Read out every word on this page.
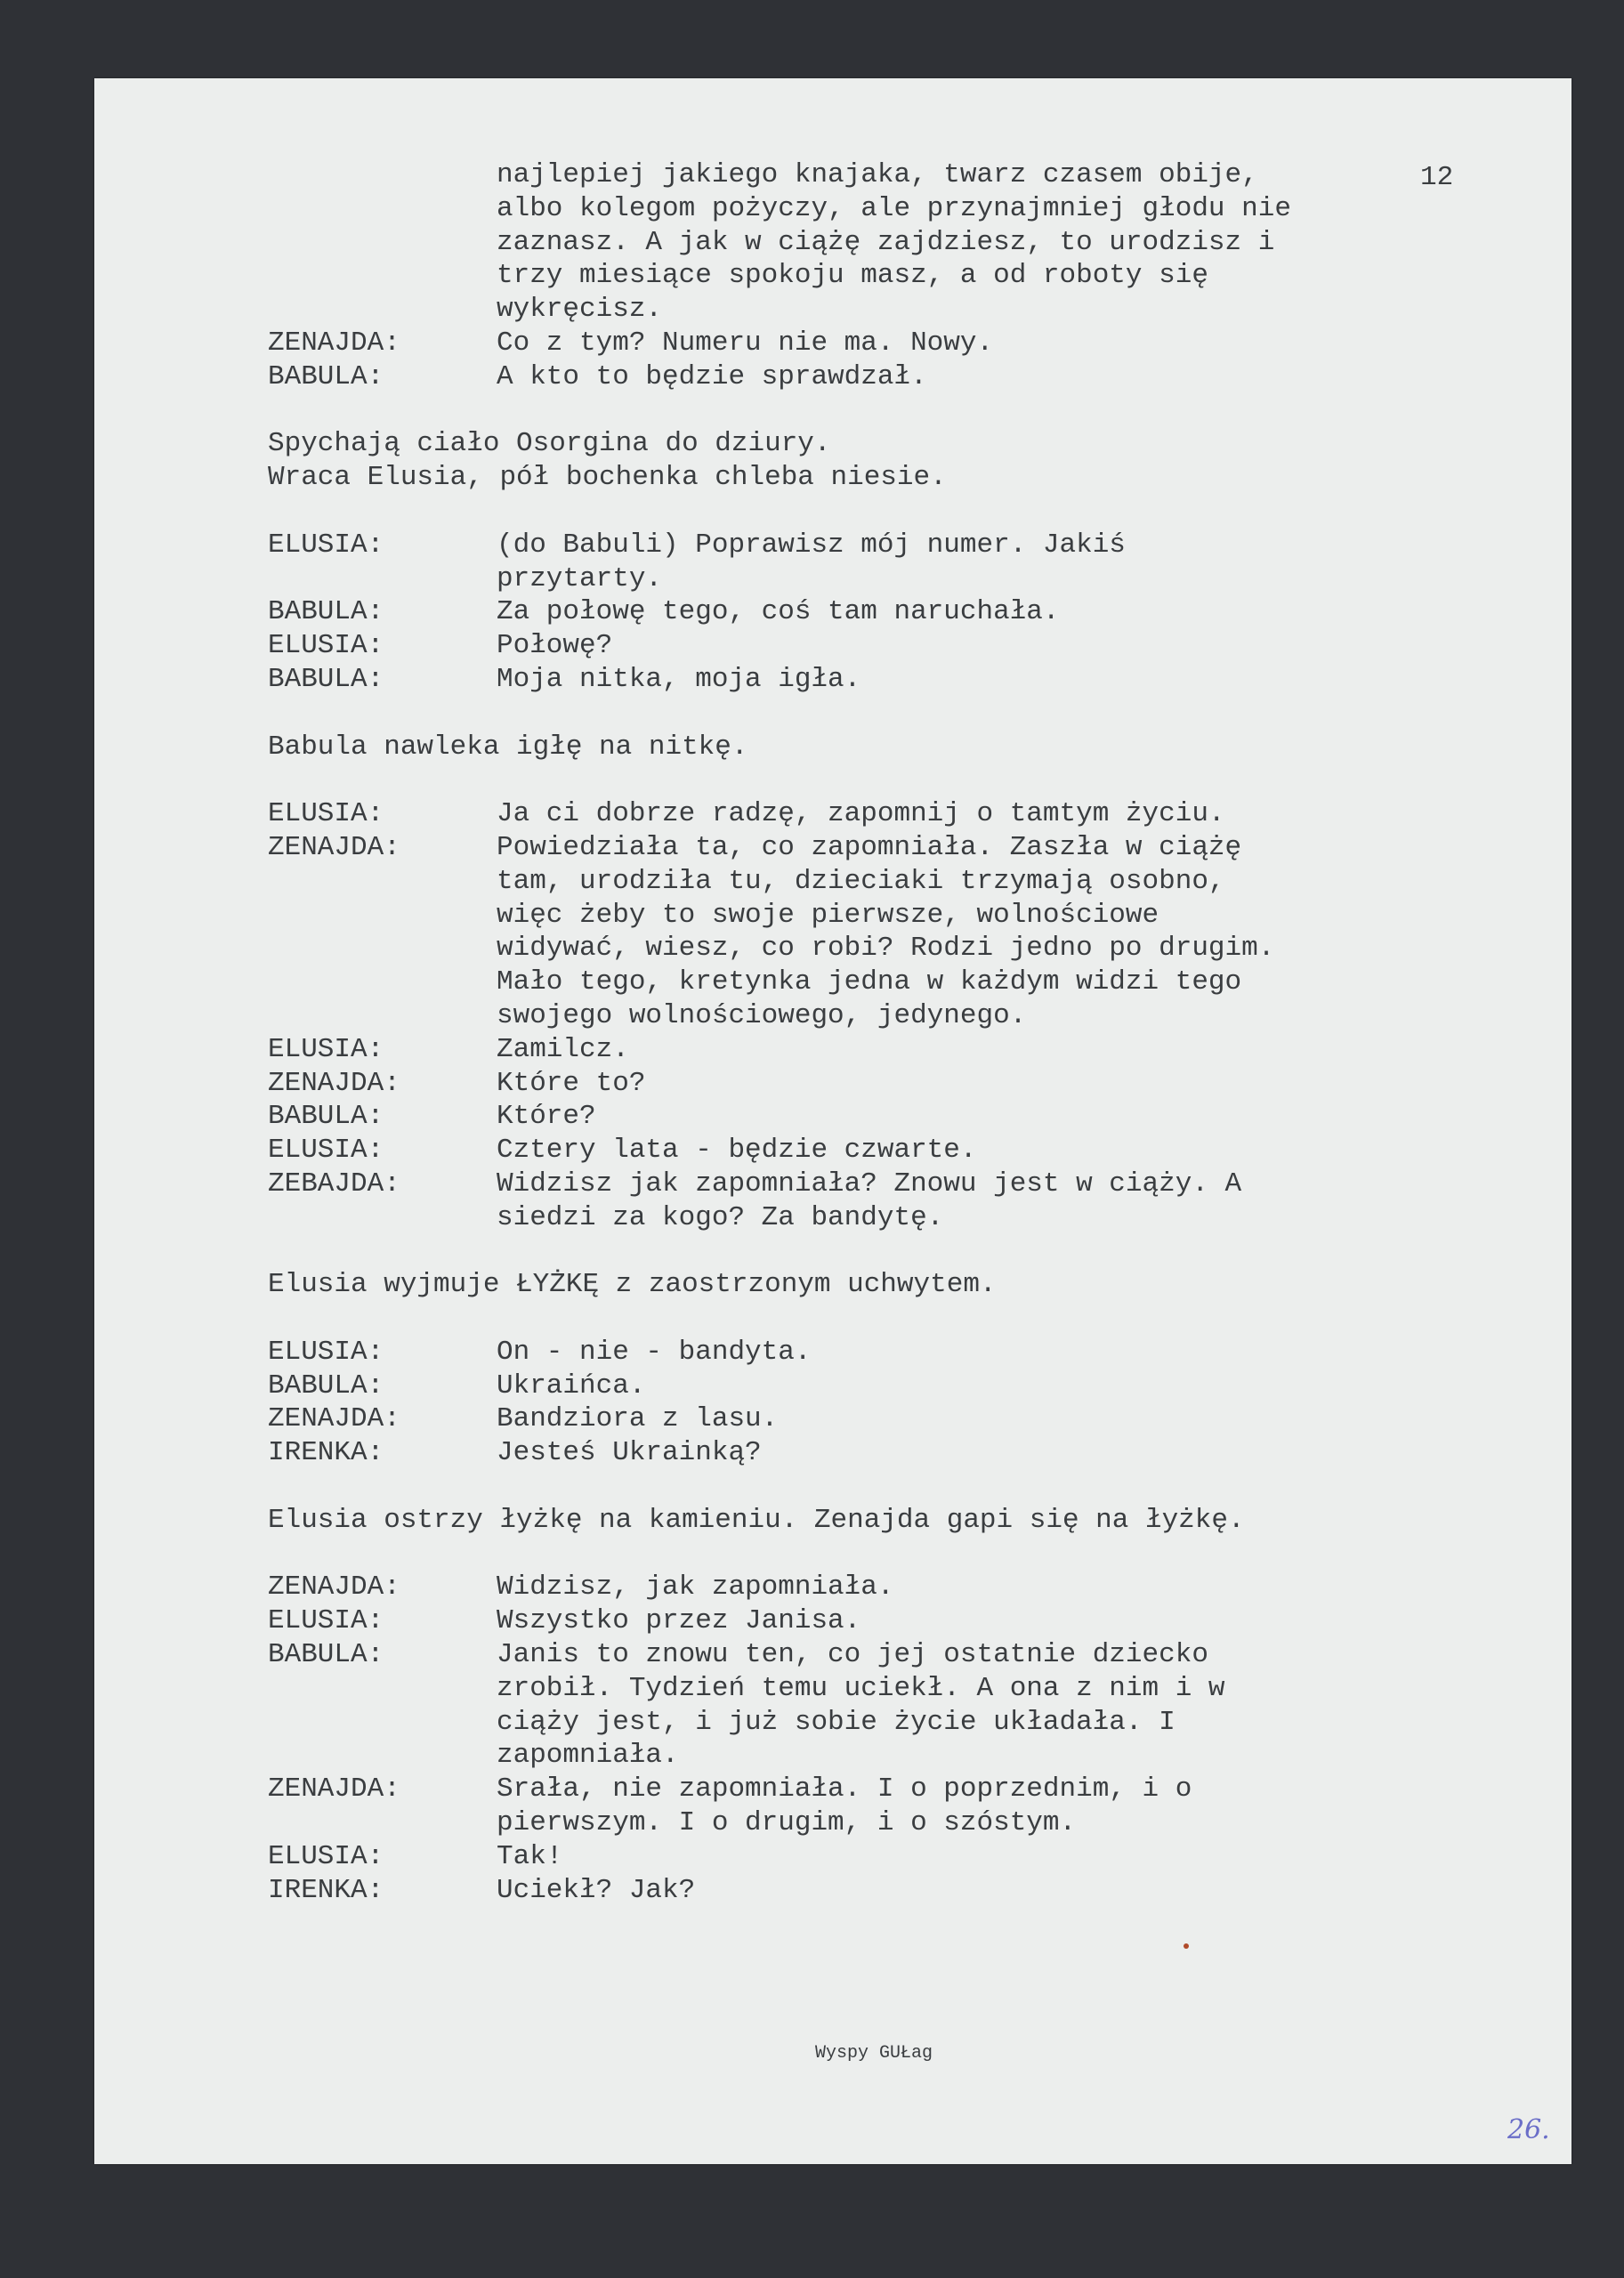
12
najlepiej jakiego knajaka, twarz czasem obije,
albo kolegom pożyczy, ale przynajmniej głodu nie
zaznasz. A jak w ciążę zajdziesz, to urodzisz i
trzy miesiące spokoju masz, a od roboty się
wykręcisz.
ZENAJDA:	Co z tym? Numeru nie ma. Nowy.
BABULA:	A kto to będzie sprawdzał.
Spychają ciało Osorgina do dziury.
Wraca Elusia, pół bochenka chleba niesie.
ELUSIA:	(do Babuli) Poprawisz mój numer. Jakiś
przytarty.
BABULA:	Za połowę tego, coś tam naruchała.
ELUSIA:	Połowę?
BABULA:	Moja nitka, moja igła.
Babula nawleka igłę na nitkę.
ELUSIA:	Ja ci dobrze radzę, zapomnij o tamtym życiu.
ZENAJDA:	Powiedziała ta, co zapomniała. Zaszła w ciążę
tam, urodziła tu, dzieciaki trzymają osobno,
więc żeby to swoje pierwsze, wolnościowe
widywać, wiesz, co robi? Rodzi jedno po drugim.
Mało tego, kretynka jedna w każdym widzi tego
swojego wolnościowego, jedynego.
ELUSIA:	Zamilcz.
ZENAJDA:	Które to?
BABULA:	Które?
ELUSIA:	Cztery lata - będzie czwarte.
ZEBAJDA:	Widzisz jak zapomniała? Znowu jest w ciąży. A
siedzi za kogo? Za bandytę.
Elusia wyjmuje ŁYŻKĘ z zaostrzonym uchwytem.
ELUSIA:	On - nie - bandyta.
BABULA:	Ukraińca.
ZENAJDA:	Bandziora z lasu.
IRENKA:	Jesteś Ukrainką?
Elusia ostrzy łyżkę na kamieniu. Zenajda gapi się na łyżkę.
ZENAJDA:	Widzisz, jak zapomniała.
ELUSIA:	Wszystko przez Janisa.
BABULA:	Janis to znowu ten, co jej ostatnie dziecko
zrobił. Tydzień temu uciekł. A ona z nim i w
ciąży jest, i już sobie życie układała. I
zapomniała.
ZENAJDA:	Srała, nie zapomniała. I o poprzednim, i o
pierwszym. I o drugim, i o szóstym.
ELUSIA:	Tak!
IRENKA:	Uciekł? Jak?
Wyspy GUŁag
26.
